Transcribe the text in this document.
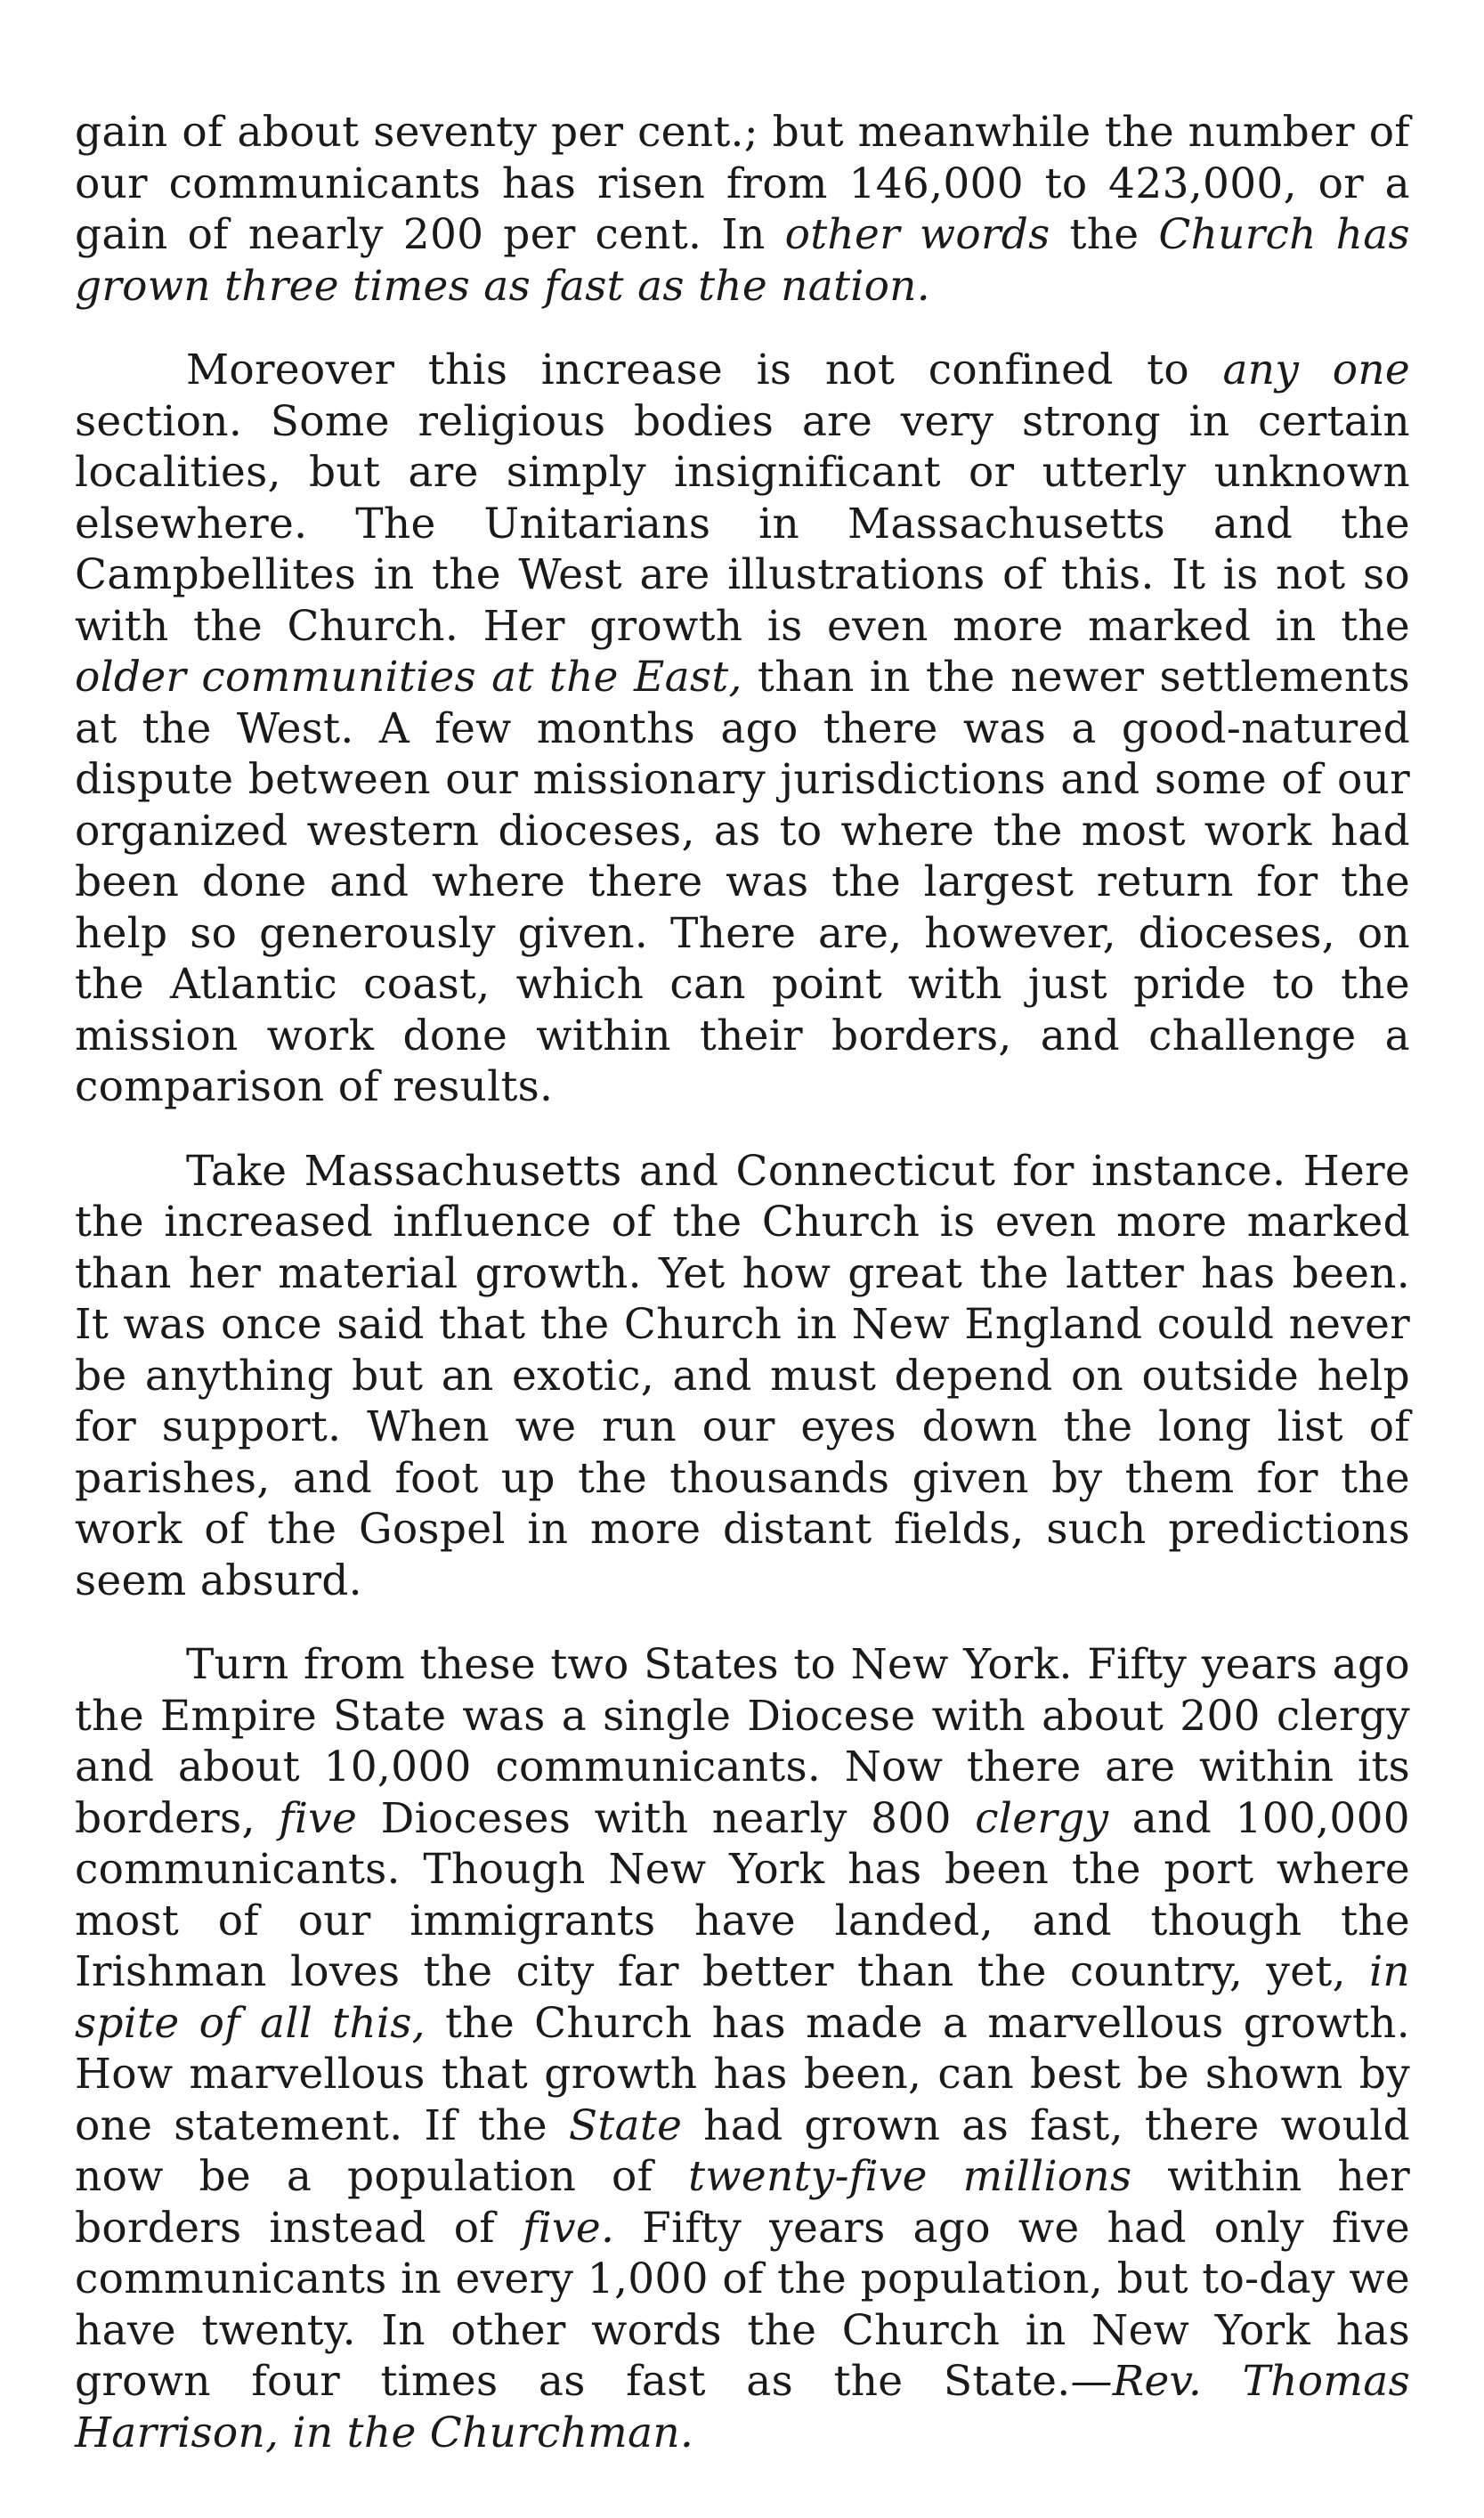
gain of about seventy per cent.; but meanwhile the number of our communicants has risen from 146,000 to 423,000, or a gain of nearly 200 per cent. In other words the Church has grown three times as fast as the nation.

Moreover this increase is not confined to any one section. Some religious bodies are very strong in certain localities, but are simply insignificant or utterly unknown elsewhere. The Unitarians in Massachusetts and the Campbellites in the West are illustrations of this. It is not so with the Church. Her growth is even more marked in the older communities at the East, than in the newer settlements at the West. A few months ago there was a good-natured dispute between our missionary jurisdictions and some of our organized western dioceses, as to where the most work had been done and where there was the largest return for the help so generously given. There are, however, dioceses, on the Atlantic coast, which can point with just pride to the mission work done within their borders, and challenge a comparison of results.

Take Massachusetts and Connecticut for instance. Here the increased influence of the Church is even more marked than her material growth. Yet how great the latter has been. It was once said that the Church in New England could never be anything but an exotic, and must depend on outside help for support. When we run our eyes down the long list of parishes, and foot up the thousands given by them for the work of the Gospel in more distant fields, such predictions seem absurd.

Turn from these two States to New York. Fifty years ago the Empire State was a single Diocese with about 200 clergy and about 10,000 communicants. Now there are within its borders, five Dioceses with nearly 800 clergy and 100,000 communicants. Though New York has been the port where most of our immigrants have landed, and though the Irishman loves the city far better than the country, yet, in spite of all this, the Church has made a marvellous growth. How marvellous that growth has been, can best be shown by one statement. If the State had grown as fast, there would now be a population of twenty-five millions within her borders instead of five. Fifty years ago we had only five communicants in every 1,000 of the population, but to-day we have twenty. In other words the Church in New York has grown four times as fast as the State.—Rev. Thomas Harrison, in the Churchman.
